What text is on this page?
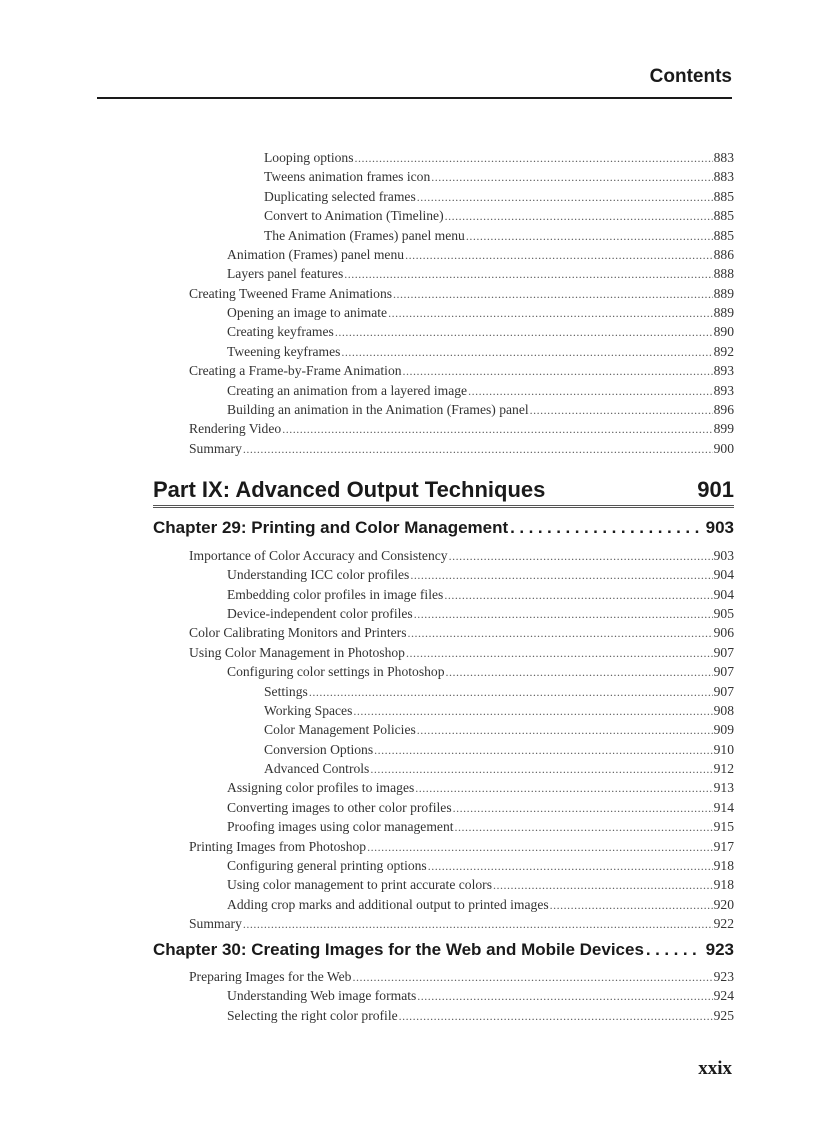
Contents
Looping options .....	883
Tweens animation frames icon .....	883
Duplicating selected frames .....	885
Convert to Animation (Timeline) .....	885
The Animation (Frames) panel menu .....	885
Animation (Frames) panel menu .....	886
Layers panel features .....	888
Creating Tweened Frame Animations .....	889
Opening an image to animate .....	889
Creating keyframes .....	890
Tweening keyframes .....	892
Creating a Frame-by-Frame Animation .....	893
Creating an animation from a layered image .....	893
Building an animation in the Animation (Frames) panel .....	896
Rendering Video .....	899
Summary .....	900
Part IX: Advanced Output Techniques	901
Chapter 29: Printing and Color Management .....	903
Importance of Color Accuracy and Consistency .....	903
Understanding ICC color profiles .....	904
Embedding color profiles in image files .....	904
Device-independent color profiles .....	905
Color Calibrating Monitors and Printers .....	906
Using Color Management in Photoshop .....	907
Configuring color settings in Photoshop .....	907
Settings .....	907
Working Spaces .....	908
Color Management Policies .....	909
Conversion Options .....	910
Advanced Controls .....	912
Assigning color profiles to images .....	913
Converting images to other color profiles .....	914
Proofing images using color management .....	915
Printing Images from Photoshop .....	917
Configuring general printing options .....	918
Using color management to print accurate colors .....	918
Adding crop marks and additional output to printed images .....	920
Summary .....	922
Chapter 30: Creating Images for the Web and Mobile Devices .....	923
Preparing Images for the Web .....	923
Understanding Web image formats .....	924
Selecting the right color profile .....	925
xxix
